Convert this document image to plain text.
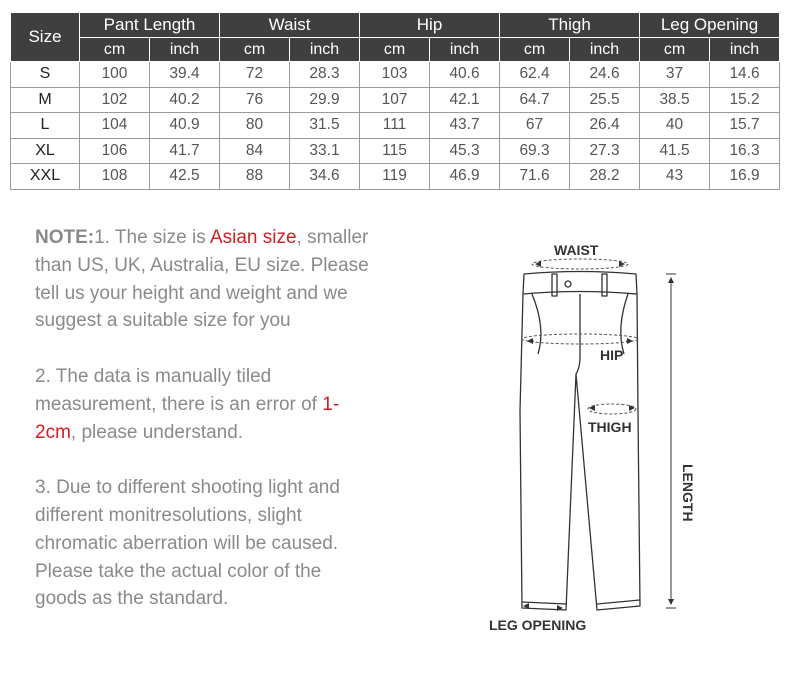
Size	Pant Length		Waist		Hip		Thigh		Leg Opening	
	cm	inch	cm	inch	cm	inch	cm	inch	cm	inch
S	100	39.4	72	28.3	103	40.6	62.4	24.6	37	14.6
M	102	40.2	76	29.9	107	42.1	64.7	25.5	38.5	15.2
L	104	40.9	80	31.5	111	43.7	67	26.4	40	15.7
XL	106	41.7	84	33.1	115	45.3	69.3	27.3	41.5	16.3
XXL	108	42.5	88	34.6	119	46.9	71.6	28.2	43	16.9

NOTE:1. The size is Asian size, smaller than US, UK, Australia, EU size. Please tell us your height and weight and we suggest a suitable size for you

2. The data is manually tiled measurement, there is an error of 1-2cm, please understand.

3. Due to different shooting light and different monitresolutions, slight chromatic aberration will be caused. Please take the actual color of the goods as the standard.

WAIST
HIP
THIGH
LENGTH
LEG OPENING
